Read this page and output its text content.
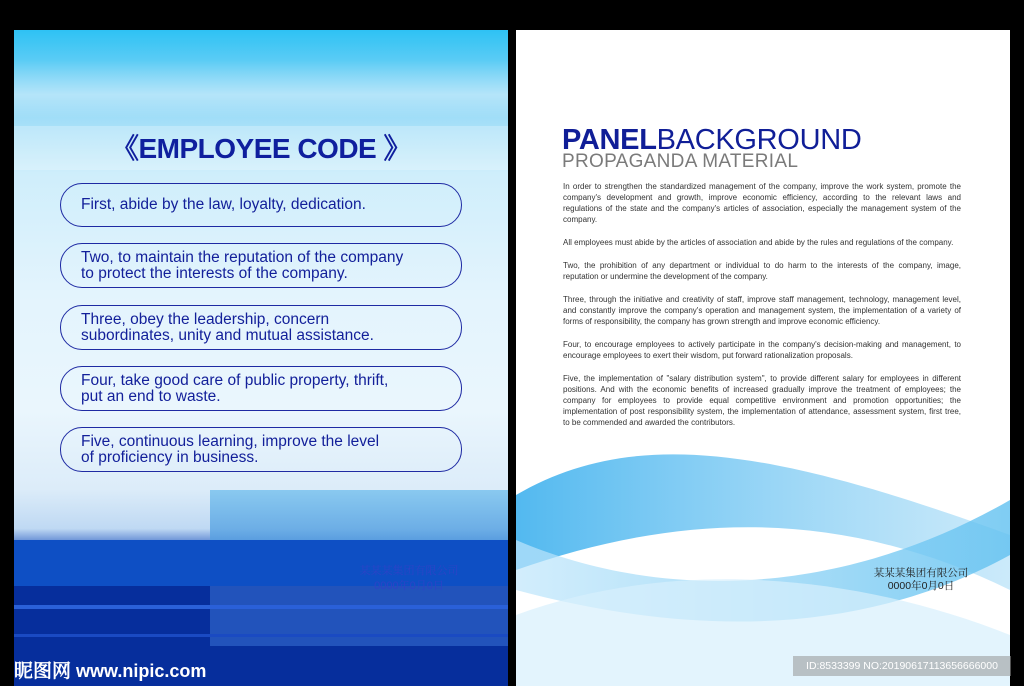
《EMPLOYEE CODE 》
First, abide by the law, loyalty, dedication.
Two, to maintain the reputation of the company
to protect the interests of the company.
Three, obey the leadership, concern
subordinates, unity and mutual assistance.
Four, take good care of public property, thrift,
put an end to waste.
Five, continuous learning, improve the level
of proficiency in business.
某某某集团有限公司
0000年0月0日
PANELBACKGROUND
PROPAGANDA MATERIAL

In order to strengthen the standardized management of the company, improve the work system, promote the company's development and growth, improve economic efficiency, according to the relevant laws and regulations of the state and the company's articles of association, especially the management system of the company.

All employees must abide by the articles of association and abide by the rules and regulations of the company.

Two, the prohibition of any department or individual to do harm to the interests of the company, image, reputation or undermine the development of the company.

Three, through the initiative and creativity of staff, improve staff management, technology, management level, and constantly improve the company's operation and management system, the implementation of a variety of forms of responsibility, the company has grown strength and improve economic efficiency.

Four, to encourage employees to actively participate in the company's decision-making and management, to encourage employees to exert their wisdom, put forward rationalization proposals.

Five, the implementation of "salary distribution system", to provide different salary for employees in different positions. And with the economic benefits of increased gradually improve the treatment of employees; the company for employees to provide equal competitive environment and promotion opportunities; the implementation of post responsibility system, the implementation of attendance, assessment system, first tree, to be commended and awarded the contributors.

某某某集团有限公司
0000年0月0日
昵图网 www.nipic.com	ID:8533399 NO:20190617113656666000
